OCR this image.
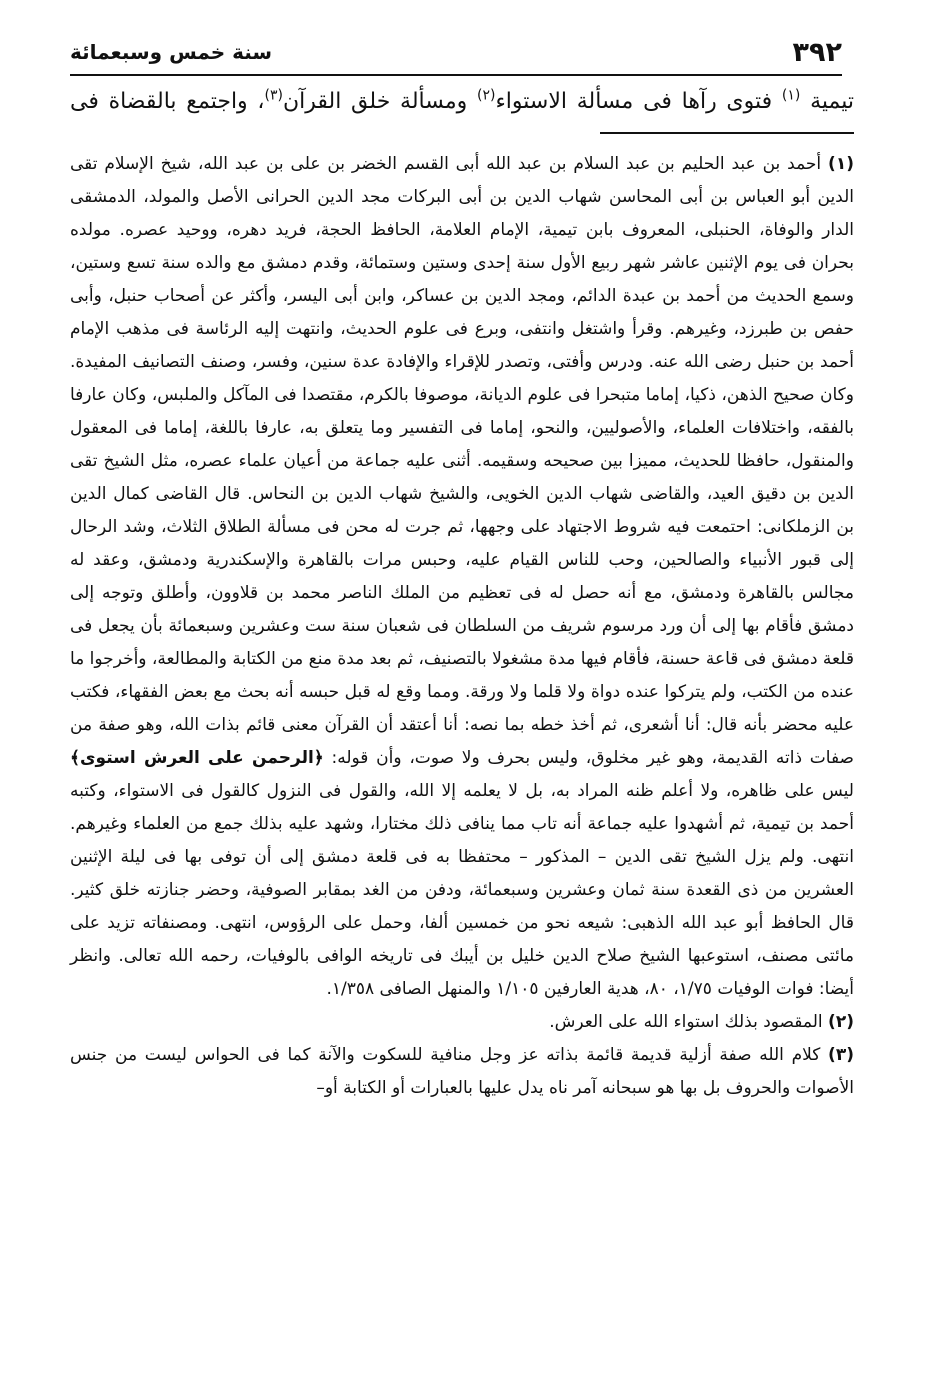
٣٩٢
سنة خمس وسبعمائة

تيمية $^{(١)}$ فتوى رآها فى مسألة الاستواء$^{(٢)}$ ومسألة خلق القرآن$^{(٣)}$، واجتمع بالقضاة فى

(١) أحمد بن عبد الحليم بن عبد السلام بن عبد الله أبى القسم الخضر بن على بن عبد الله، شيخ الإسلام تقى الدين أبو العباس بن أبى المحاسن شهاب الدين بن أبى البركات مجد الدين الحرانى الأصل والمولد، الدمشقى الدار والوفاة، الحنبلى، المعروف بابن تيمية، الإمام العلامة، الحافظ الحجة، فريد دهره، ووحيد عصره. مولده بحران فى يوم الإثنين عاشر شهر ربيع الأول سنة إحدى وستين وستمائة، وقدم دمشق مع والده سنة تسع وستين، وسمع الحديث من أحمد بن عبدة الدائم، ومجد الدين بن عساكر، وابن أبى اليسر، وأكثر عن أصحاب حنبل، وأبى حفص بن طبرزد، وغيرهم. وقرأ واشتغل وانتفى، وبرع فى علوم الحديث، وانتهت إليه الرئاسة فى مذهب الإمام أحمد بن حنبل رضى الله عنه. ودرس وأفتى، وتصدر للإقراء والإفادة عدة سنين، وفسر، وصنف التصانيف المفيدة. وكان صحيح الذهن، ذكيا، إماما متبحرا فى علوم الديانة، موصوفا بالكرم، مقتصدا فى المآكل والملبس، وكان عارفا بالفقه، واختلافات العلماء، والأصوليين، والنحو، إماما فى التفسير وما يتعلق به، عارفا باللغة، إماما فى المعقول والمنقول، حافظا للحديث، مميزا بين صحيحه وسقيمه. أثنى عليه جماعة من أعيان علماء عصره، مثل الشيخ تقى الدين بن دقيق العيد، والقاضى شهاب الدين الخويى، والشيخ شهاب الدين بن النحاس. قال القاضى كمال الدين بن الزملكانى: احتمعت فيه شروط الاجتهاد على وجهها، ثم جرت له محن فى مسألة الطلاق الثلاث، وشد الرحال إلى قبور الأنبياء والصالحين، وحب للناس القيام عليه، وحبس مرات بالقاهرة والإسكندرية ودمشق، وعقد له مجالس بالقاهرة ودمشق، مع أنه حصل له فى تعظيم من الملك الناصر محمد بن قلاوون، وأطلق وتوجه إلى دمشق فأقام بها إلى أن ورد مرسوم شريف من السلطان فى شعبان سنة ست وعشرين وسبعمائة بأن يجعل فى قلعة دمشق فى قاعة حسنة، فأقام فيها مدة مشغولا بالتصنيف، ثم بعد مدة منع من الكتابة والمطالعة، وأخرجوا ما عنده من الكتب، ولم يتركوا عنده دواة ولا قلما ولا ورقة. ومما وقع له قبل حبسه أنه بحث مع بعض الفقهاء، فكتب عليه محضر بأنه قال: أنا أشعرى، ثم أخذ خطه بما نصه: أنا أعتقد أن القرآن معنى قائم بذات الله، وهو صفة من صفات ذاته القديمة، وهو غير مخلوق، وليس بحرف ولا صوت، وأن قوله: ﴿الرحمن على العرش استوى﴾ ليس على ظاهره، ولا أعلم ظنه المراد به، بل لا يعلمه إلا الله، والقول فى النزول كالقول فى الاستواء، وكتبه أحمد بن تيمية، ثم أشهدوا عليه جماعة أنه تاب مما ينافى ذلك مختارا، وشهد عليه بذلك جمع من العلماء وغيرهم. انتهى. ولم يزل الشيخ تقى الدين – المذكور – محتفظا به فى قلعة دمشق إلى أن توفى بها فى ليلة الإثنين العشرين من ذى القعدة سنة ثمان وعشرين وسبعمائة، ودفن من الغد بمقابر الصوفية، وحضر جنازته خلق كثير. قال الحافظ أبو عبد الله الذهبى: شيعه نحو من خمسين ألفا، وحمل على الرؤوس، انتهى. ومصنفاته تزيد على مائتى مصنف، استوعبها الشيخ صلاح الدين خليل بن أيبك فى تاريخه الوافى بالوفيات، رحمه الله تعالى. وانظر أيضا: فوات الوفيات ١/٧٥، ٨٠، هدية العارفين ١/١٠٥ والمنهل الصافى ١/٣٥٨.

(٢) المقصود بذلك استواء الله على العرش.

(٣) كلام الله صفة أزلية قديمة قائمة بذاته عز وجل منافية للسكوت والآنة كما فى الحواس ليست من جنس الأصوات والحروف بل بها هو سبحانه آمر ناه يدل عليها بالعبارات أو الكتابة أو–
